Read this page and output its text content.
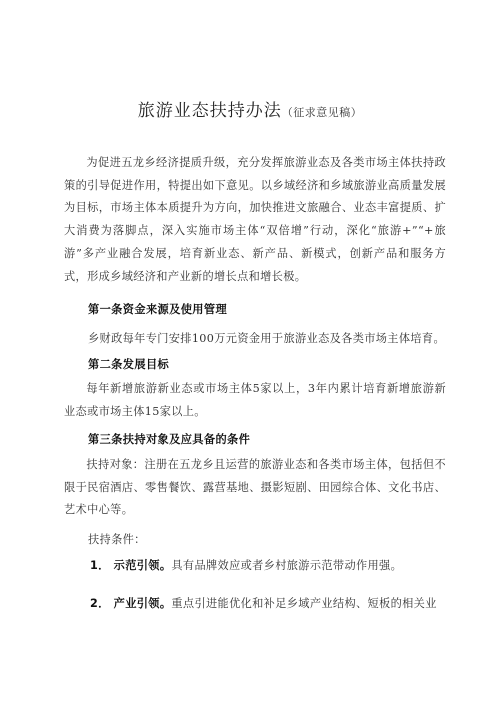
旅游业态扶持办法（征求意见稿）

为促进五龙乡经济提质升级，充分发挥旅游业态及各类市场主体扶持政策的引导促进作用，特提出如下意见。以乡域经济和乡域旅游业高质量发展为目标，市场主体本质提升为方向，加快推进文旅融合、业态丰富提质、扩大消费为落脚点，深入实施市场主体“双倍增”行动，深化“旅游+”“+旅游”多产业融合发展，培育新业态、新产品、新模式，创新产品和服务方式，形成乡域经济和产业新的增长点和增长极。

第一条资金来源及使用管理

乡财政每年专门安排100万元资金用于旅游业态及各类市场主体培育。

第二条发展目标

每年新增旅游新业态或市场主体5家以上，3年内累计培育新增旅游新业态或市场主体15家以上。

第三条扶持对象及应具备的条件

扶持对象：注册在五龙乡且运营的旅游业态和各类市场主体，包括但不限于民宿酒店、零售餐饮、露营基地、摄影短剧、田园综合体、文化书店、艺术中心等。

扶持条件：

1． 示范引领。具有品牌效应或者乡村旅游示范带动作用强。

2． 产业引领。重点引进能优化和补足乡域产业结构、短板的相关业
